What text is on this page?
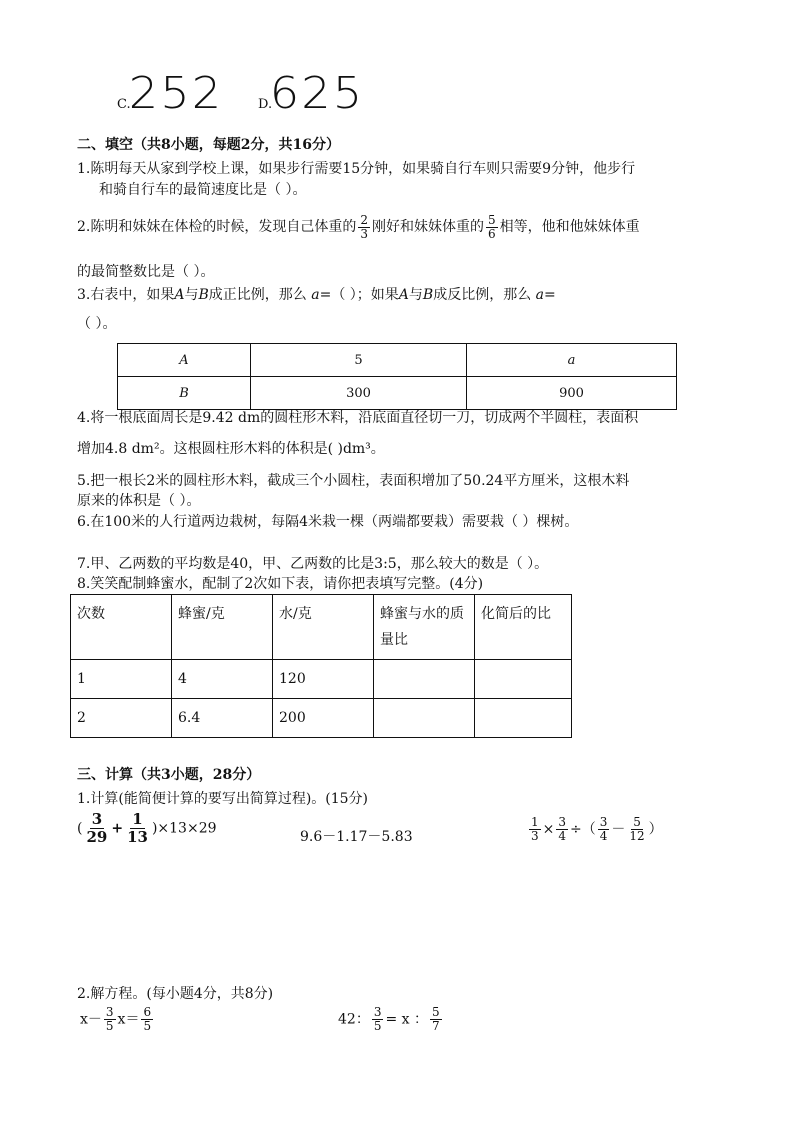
C.252	D.625
二、填空（共8小题，每题2分，共16分）
1.陈明每天从家到学校上课，如果步行需要15分钟，如果骑自行车则只需要9分钟，他步行
和骑自行车的最简速度比是（ ）。
2.陈明和妹妹在体检的时候，发现自己体重的 $\frac{2}{3}$ 刚好和妹妹体重的 $\frac{5}{6}$ 相等，他和他妹妹体重
的最简整数比是（ ）。
3.右表中，如果A与B成正比例，那么 a=（ ）；如果A与B成反比例，那么 a=
（ ）。
A	5	a
B	300	900
4.将一根底面周长是9.42 dm的圆柱形木料，沿底面直径切一刀，切成两个半圆柱，表面积
增加4.8 dm²。这根圆柱形木料的体积是( )dm³。
5.把一根长2米的圆柱形木料，截成三个小圆柱，表面积增加了50.24平方厘米，这根木料
原来的体积是（ ）。
6.在100米的人行道两边栽树，每隔4米栽一棵（两端都要栽）需要栽（ ）棵树。
7.甲、乙两数的平均数是40，甲、乙两数的比是3:5，那么较大的数是（ ）。
8.笑笑配制蜂蜜水，配制了2次如下表，请你把表填写完整。(4分)
次数	蜂蜜/克	水/克	蜂蜜与水的质量比	化简后的比
1	4	120		
2	6.4	200		
三、计算（共3小题，28分）
1.计算(能简便计算的要写出简算过程)。(15分)
( $\frac{3}{29} + \frac{1}{13} )\times 13\times 29$
9.6－1.17－5.83	$\frac{1}{3} \times \frac{3}{4}$ ÷（ $\frac{3}{4} - \frac{5}{12}$ ）
2.解方程。(每小题4分，共8分)
$x- \frac{3}{5} x= \frac{6}{5}$	42： $\frac{3}{5} = x$ ： $\frac{5}{7}$
